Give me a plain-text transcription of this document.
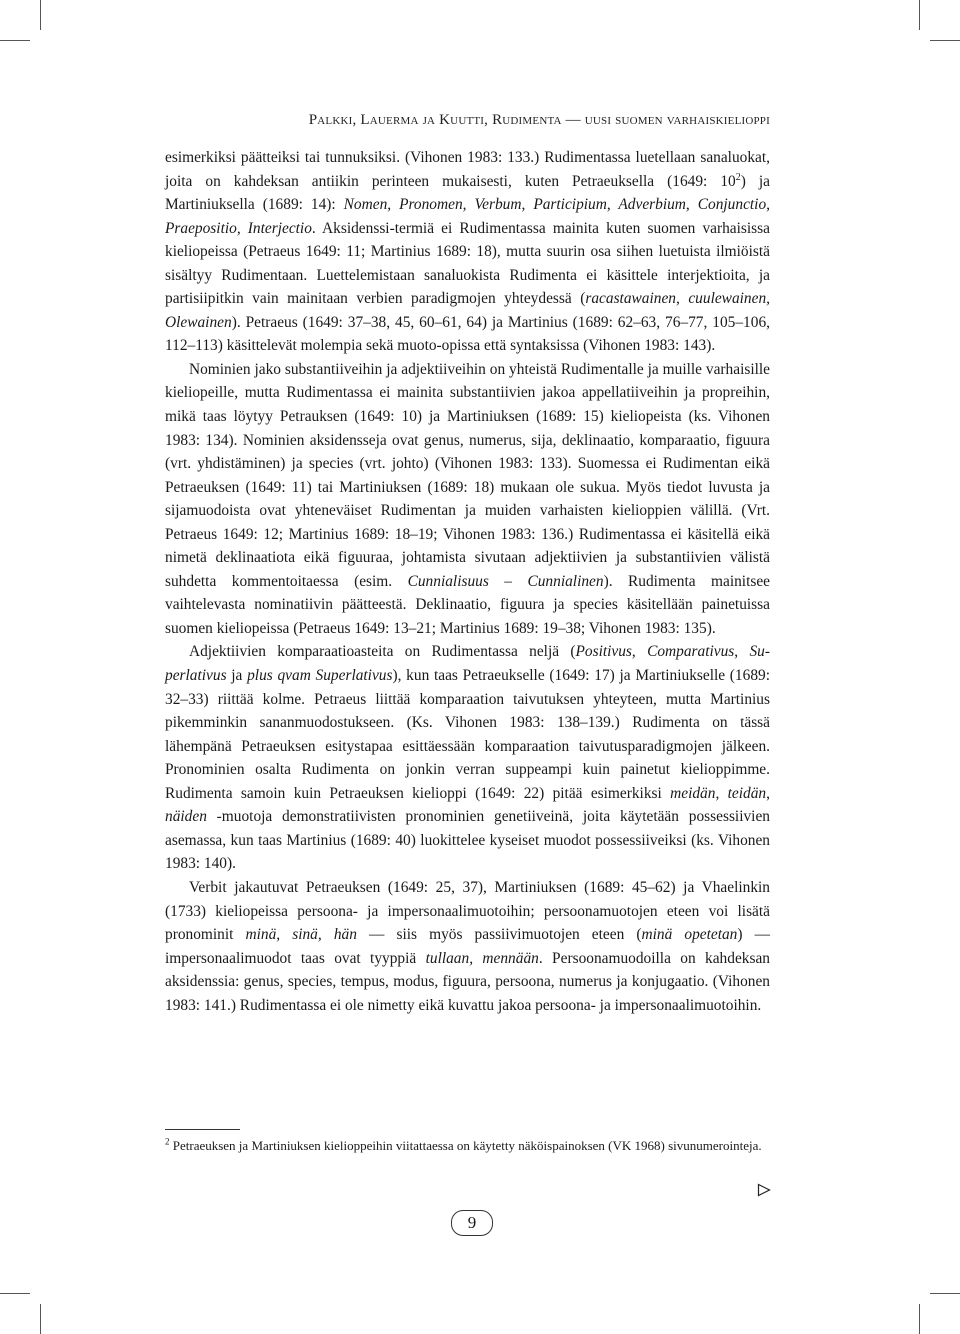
Palkki, Lauerma ja Kuutti, Rudimenta — uusi suomen varhaiskielioppi

esimerkiksi päätteiksi tai tunnuksiksi. (Vihonen 1983: 133.) Rudimentassa luetellaan sanaluokat, joita on kahdeksan antiikin perinteen mukaisesti, kuten Petraeuksella (1649: $10^2$) ja Martiniuksella (1689: 14): Nomen, Pronomen, Verbum, Participium, Adverbium, Conjunctio, Praepositio, Interjectio. Aksidenssi-termiä ei Rudimentassa mainita kuten suomen varhaisissa kieliopeissa (Petraeus 1649: 11; Martinius 1689: 18), mutta suurin osa siihen luetuista ilmiöistä sisältyy Rudimentaan. Luettelemistaan sanaluokista Rudimenta ei käsittele interjektioita, ja partisiipitkin vain mainitaan verbien paradigmojen yhteydessä (racastawainen, cuulewainen, Olewainen). Petraeus (1649: 37–38, 45, 60–61, 64) ja Martinius (1689: 62–63, 76–77, 105–106, 112–113) käsittelevät molempia sekä muoto-opissa että syntaksissa (Vihonen 1983: 143).

Nominien jako substantiiveihin ja adjektiiveihin on yhteistä Rudimentalle ja muille varhaisille kieliopeille, mutta Rudimentassa ei mainita substantiivien jakoa appellatiiveihin ja propreihin, mikä taas löytyy Petrauksen (1649: 10) ja Martiniuksen (1689: 15) kieliopeista (ks. Vihonen 1983: 134). Nominien aksidensseja ovat genus, numerus, sija, deklinaatio, komparaatio, figuura (vrt. yhdistäminen) ja species (vrt. johto) (Vihonen 1983: 133). Suomessa ei Rudimentan eikä Petraeuksen (1649: 11) tai Martiniuksen (1689: 18) mukaan ole sukua. Myös tiedot luvusta ja sijamuodoista ovat yhteneväiset Rudimentan ja muiden varhaisten kielioppien välillä. (Vrt. Petraeus 1649: 12; Martinius 1689: 18–19; Vihonen 1983: 136.) Rudimentassa ei käsitellä eikä nimetä deklinaatiota eikä figuuraa, johtamista sivutaan adjektiivien ja substantiivien välistä suhdetta kommentoitaessa (esim. Cunnialisuus – Cunnialinen). Rudimenta mainitsee vaihtelevasta nominatiivin päätteestä. Deklinaatio, figuura ja species käsitellään painetuissa suomen kieliopeissa (Petraeus 1649: 13–21; Martinius 1689: 19–38; Vihonen 1983: 135).

Adjektiivien komparaatioasteita on Rudimentassa neljä (Positivus, Comparativus, Superlativus ja plus qvam Superlativus), kun taas Petraeukselle (1649: 17) ja Martiniukselle (1689: 32–33) riittää kolme. Petraeus liittää komparaation taivutuksen yhteyteen, mutta Martinius pikemminkin sananmuodostukseen. (Ks. Vihonen 1983: 138–139.) Rudimenta on tässä lähempänä Petraeuksen esitystapaa esittäessään komparaation taivutusparadigmojen jälkeen. Pronominien osalta Rudimenta on jonkin verran suppeampi kuin painetut kielioppimme. Rudimenta samoin kuin Petraeuksen kielioppi (1649: 22) pitää esimerkiksi meidän, teidän, näiden -muotoja demonstratiivisten pronominien genetiiveinä, joita käytetään possessiivien asemassa, kun taas Martinius (1689: 40) luokittelee kyseiset muodot possessiiveiksi (ks. Vihonen 1983: 140).

Verbit jakautuvat Petraeuksen (1649: 25, 37), Martiniuksen (1689: 45–62) ja Vhaelinkin (1733) kieliopeissa persoona- ja impersonaalimuotoihin; persoonamuotojen eteen voi lisätä pronominit minä, sinä, hän — siis myös passiivimuotojen eteen (minä opetetan) — impersonaalimuodot taas ovat tyyppiä tullaan, mennään. Persoonamuodoilla on kahdeksan aksidenssia: genus, species, tempus, modus, figuura, persoona, numerus ja konjugaatio. (Vihonen 1983: 141.) Rudimentassa ei ole nimetty eikä kuvattu jakoa persoona- ja impersonaalimuotoihin.

$^2$ Petraeuksen ja Martiniuksen kielioppeihin viitattaessa on käytetty näköispainoksen (VK 1968) sivunumerointeja.
9
